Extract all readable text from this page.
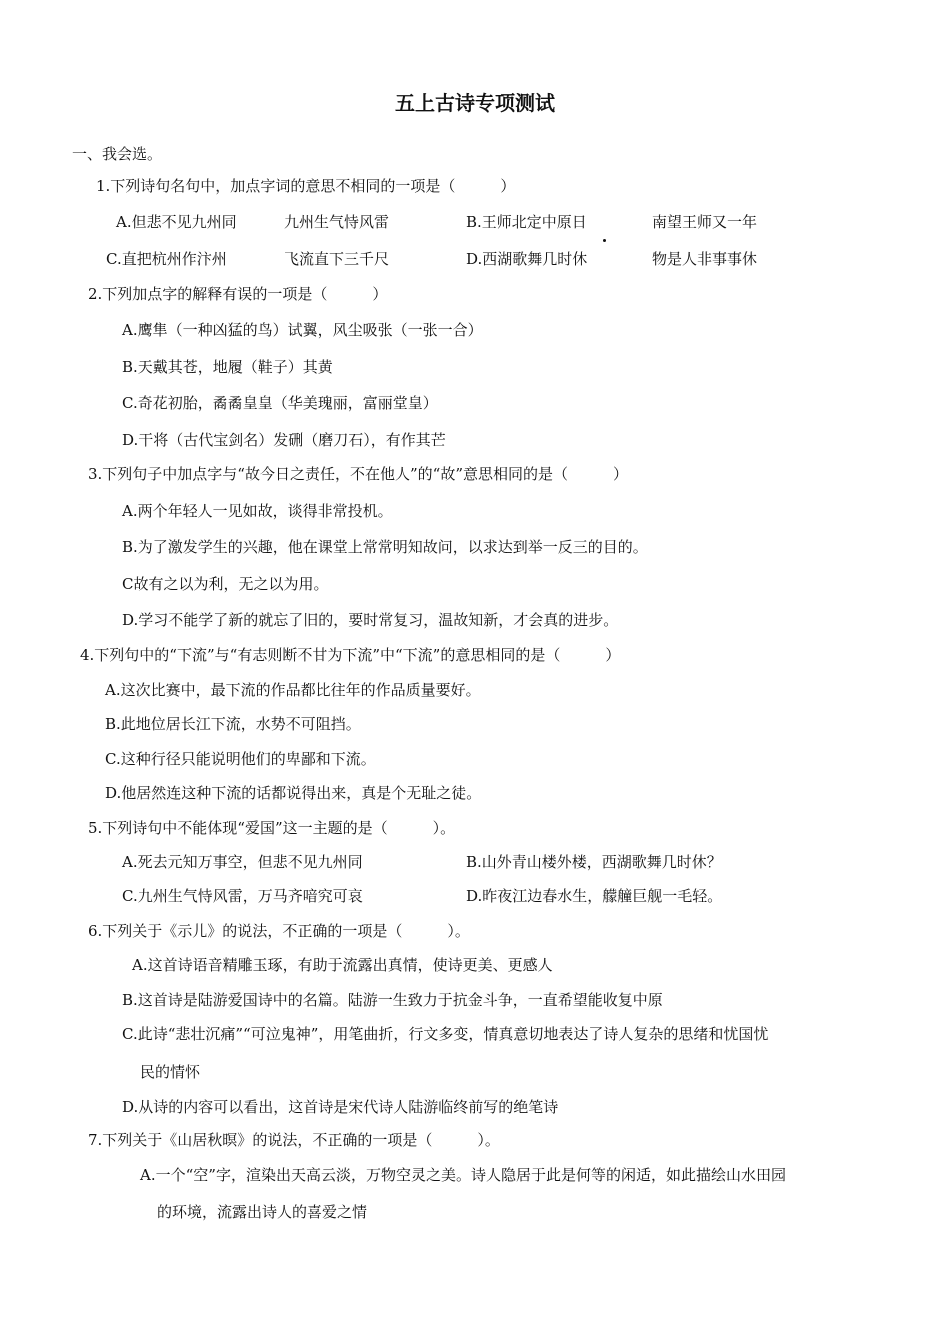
五上古诗专项测试
一、我会选。
1.下列诗句名句中，加点字词的意思不相同的一项是（　　　）
A.但悲不见九州同	九州生气恃风雷	B.王师北定中原日	南望王师又一年
C.直把杭州作汴州	飞流直下三千尺	D.西湖歌舞几时休	物是人非事事休
2.下列加点字的解释有误的一项是（　　　）
A.鹰隼（一种凶猛的鸟）试翼，风尘吸张（一张一合）
B.天戴其苍，地履（鞋子）其黄
C.奇花初胎，矞矞皇皇（华美瑰丽，富丽堂皇）
D.干将（古代宝剑名）发硎（磨刀石），有作其芒
3.下列句子中加点字与“故今日之责任，不在他人”的“故”意思相同的是（　　　）
A.两个年轻人一见如故，谈得非常投机。
B.为了激发学生的兴趣，他在课堂上常常明知故问，以求达到举一反三的目的。
C故有之以为利，无之以为用。
D.学习不能学了新的就忘了旧的，要时常复习，温故知新，才会真的进步。
4.下列句中的“下流”与“有志则断不甘为下流”中“下流”的意思相同的是（　　　）
A.这次比赛中，最下流的作品都比往年的作品质量要好。
B.此地位居长江下流，水势不可阻挡。
C.这种行径只能说明他们的卑鄙和下流。
D.他居然连这种下流的话都说得出来，真是个无耻之徒。
5.下列诗句中不能体现“爱国”这一主题的是（　　　）。
A.死去元知万事空，但悲不见九州同	B.山外青山楼外楼，西湖歌舞几时休？
C.九州生气恃风雷，万马齐喑究可哀	D.昨夜江边春水生，艨艟巨舰一毛轻。
6.下列关于《示儿》的说法，不正确的一项是（　　　）。
A.这首诗语音精雕玉琢，有助于流露出真情，使诗更美、更感人
B.这首诗是陆游爱国诗中的名篇。陆游一生致力于抗金斗争，一直希望能收复中原
C.此诗“悲壮沉痛”“可泣鬼神”，用笔曲折，行文多变，情真意切地表达了诗人复杂的思绪和忧国忧
民的情怀
D.从诗的内容可以看出，这首诗是宋代诗人陆游临终前写的绝笔诗
7.下列关于《山居秋暝》的说法，不正确的一项是（　　　）。
A.一个“空”字，渲染出天高云淡，万物空灵之美。诗人隐居于此是何等的闲适，如此描绘山水田园
的环境，流露出诗人的喜爱之情
